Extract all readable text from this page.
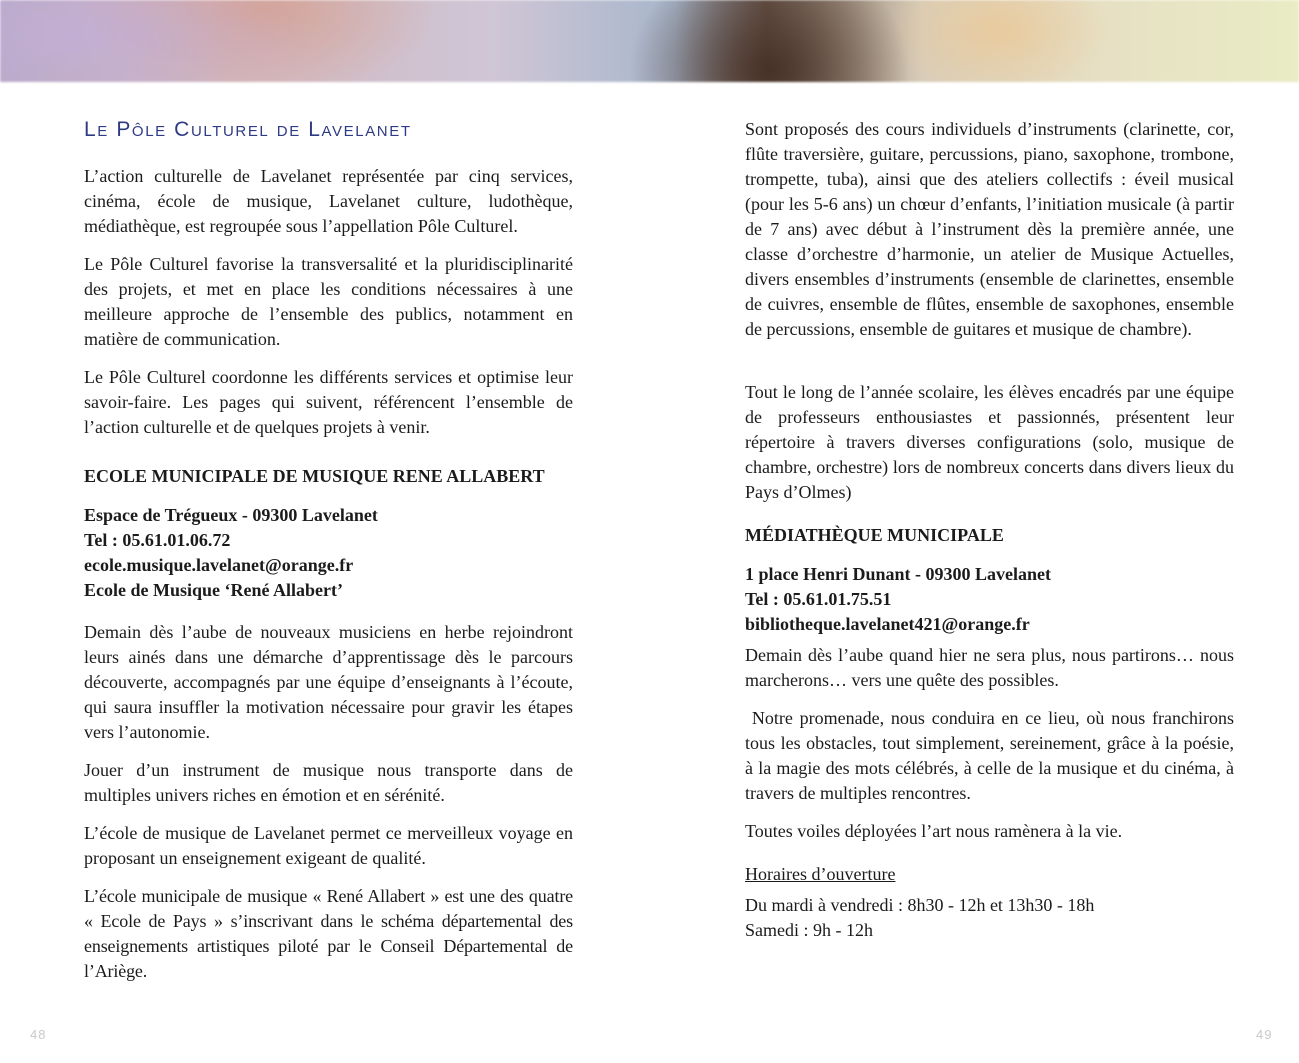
Le Pôle Culturel de Lavelanet

L’action culturelle de Lavelanet représentée par cinq services, cinéma, école de musique, Lavelanet culture, ludothèque, médiathèque, est regroupée sous l’appellation Pôle Culturel.

Le Pôle Culturel favorise la transversalité et la pluridisciplinarité des projets, et met en place les conditions nécessaires à une meilleure approche de l’ensemble des publics, notamment en matière de communication.

Le Pôle Culturel coordonne les différents services et optimise leur savoir-faire. Les pages qui suivent, référencent l’ensemble de l’action culturelle et de quelques projets à venir.

ECOLE MUNICIPALE DE MUSIQUE RENE ALLABERT
Espace de Trégueux - 09300 Lavelanet
Tel : 05.61.01.06.72
ecole.musique.lavelanet@orange.fr
Ecole de Musique ‘René Allabert’

Demain dès l’aube de nouveaux musiciens en herbe rejoindront leurs ainés dans une démarche d’apprentissage dès le parcours découverte, accompagnés par une équipe d’enseignants à l’écoute, qui saura insuffler la motivation nécessaire pour gravir les étapes vers l’autonomie.

Jouer d’un instrument de musique nous transporte dans de multiples univers riches en émotion et en sérénité.

L’école de musique de Lavelanet permet ce merveilleux voyage en proposant un enseignement exigeant de qualité.

L’école municipale de musique « René Allabert » est une des quatre « Ecole de Pays » s’inscrivant dans le schéma départemental des enseignements artistiques piloté par le Conseil Départemental de l’Ariège.

48

Sont proposés des cours individuels d’instruments (clarinette, cor, flûte traversière, guitare, percussions, piano, saxophone, trombone, trompette, tuba), ainsi que des ateliers collectifs : éveil musical (pour les 5-6 ans) un chœur d’enfants, l’initiation musicale (à partir de 7 ans) avec début à l’instrument dès la première année, une classe d’orchestre d’harmonie, un atelier de Musique Actuelles, divers ensembles d’instruments (ensemble de clarinettes, ensemble de cuivres, ensemble de flûtes, ensemble de saxophones, ensemble de percussions, ensemble de guitares et musique de chambre).

Tout le long de l’année scolaire, les élèves encadrés par une équipe de professeurs enthousiastes et passionnés, présentent leur répertoire à travers diverses configurations (solo, musique de chambre, orchestre) lors de nombreux concerts dans divers lieux du Pays d’Olmes)

MÉDIATHÈQUE MUNICIPALE
1 place Henri Dunant - 09300 Lavelanet
Tel : 05.61.01.75.51
bibliotheque.lavelanet421@orange.fr

Demain dès l’aube quand hier ne sera plus, nous partirons… nous marcherons… vers une quête des possibles.

Notre promenade, nous conduira en ce lieu, où nous franchirons tous les obstacles, tout simplement, sereinement, grâce à la poésie, à la magie des mots célébrés, à celle de la musique et du cinéma, à travers de multiples rencontres.

Toutes voiles déployées l’art nous ramènera à la vie.

Horaires d’ouverture
Du mardi à vendredi : 8h30 - 12h et 13h30 - 18h
Samedi : 9h - 12h
49
